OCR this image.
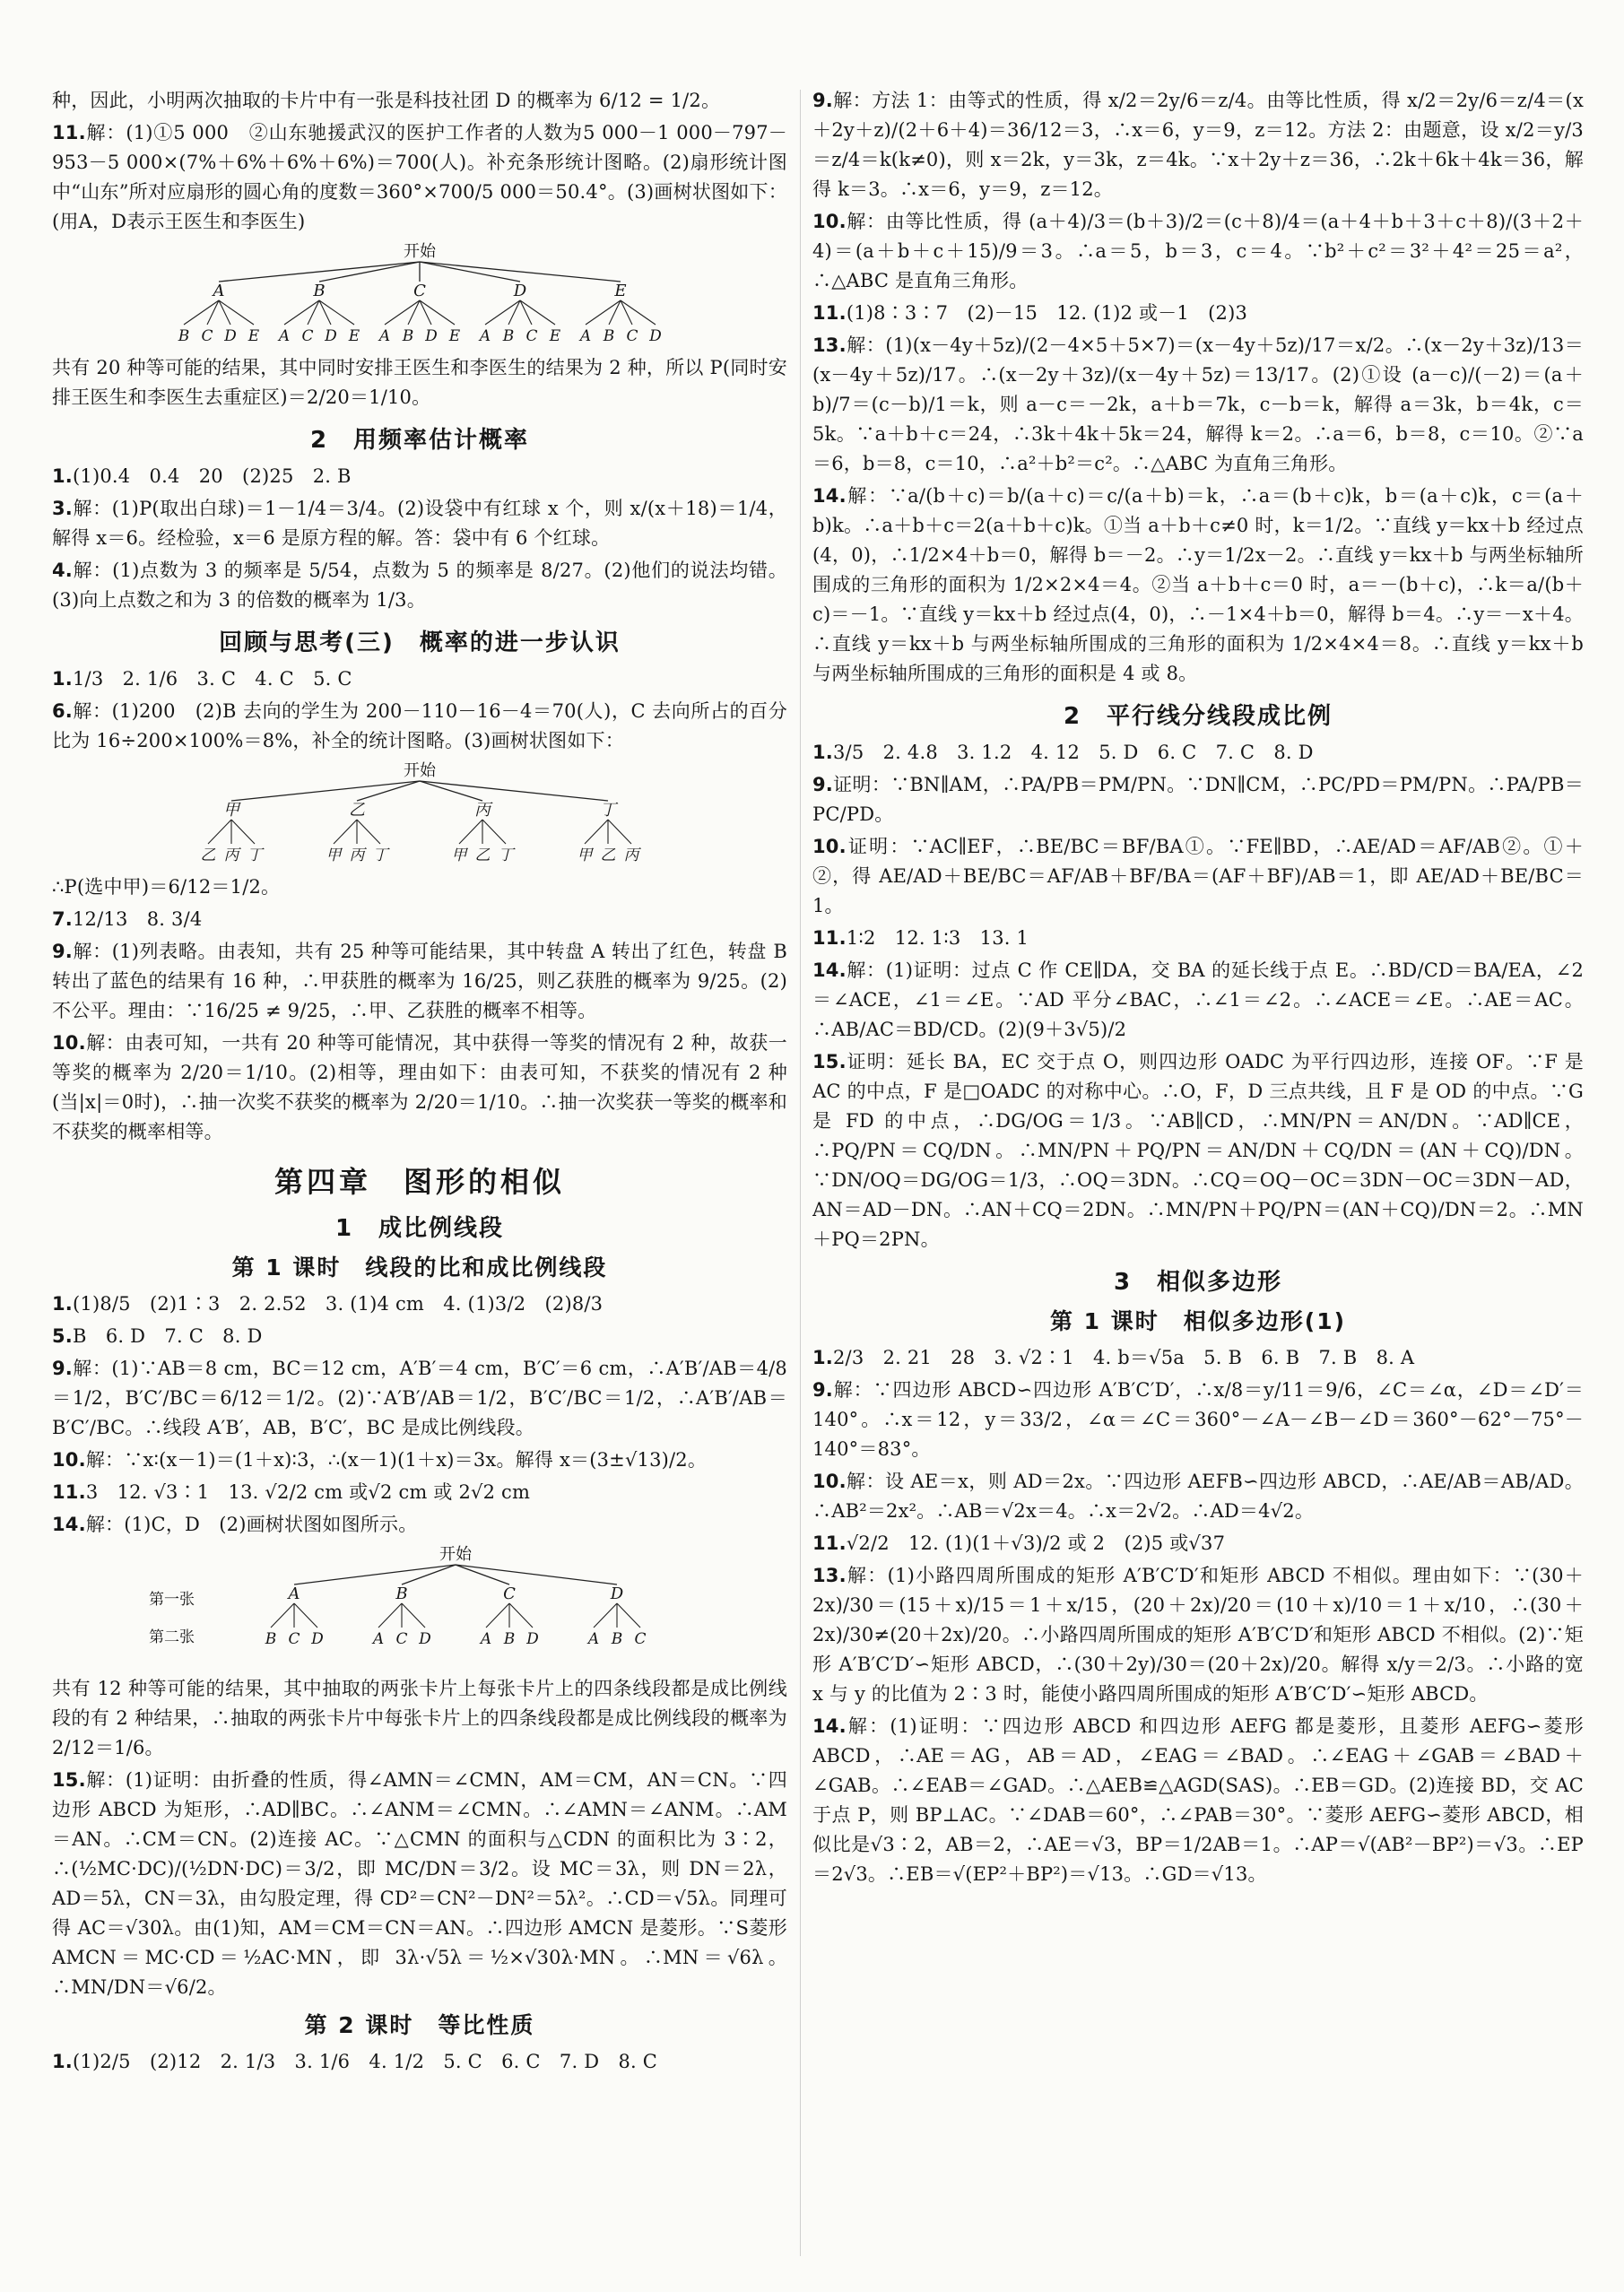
种，因此，小明两次抽取的卡片中有一张是科技社团 D 的概率为 6/12 = 1/2。

11.解：(1)①5 000　②山东驰援武汉的医护工作者的人数为5 000－1 000－797－953－5 000×(7%＋6%＋6%＋6%)＝700(人)。补充条形统计图略。(2)扇形统计图中“山东”所对应扇形的圆心角的度数＝360°×700/5 000＝50.4°。(3)画树状图如下：(用A，D表示王医生和李医生)

开始
A
B C D E
B
A C D E
C
A B D E
D
A B C E
E
A B C D

共有 20 种等可能的结果，其中同时安排王医生和李医生的结果为 2 种，所以 P(同时安排王医生和李医生去重症区)＝2/20＝1/10。

2　用频率估计概率

1.(1)0.4　0.4　20　(2)25　2. B

3.解：(1)P(取出白球)＝1－1/4＝3/4。(2)设袋中有红球 x 个，则 x/(x＋18)＝1/4，解得 x＝6。经检验，x＝6 是原方程的解。答：袋中有 6 个红球。

4.解：(1)点数为 3 的频率是 5/54，点数为 5 的频率是 8/27。(2)他们的说法均错。(3)向上点数之和为 3 的倍数的概率为 1/3。

回顾与思考(三)　概率的进一步认识

1.1/3　2. 1/6　3. C　4. C　5. C

6.解：(1)200　(2)B 去向的学生为 200－110－16－4＝70(人)，C 去向所占的百分比为 16÷200×100%＝8%，补全的统计图略。(3)画树状图如下：

开始
甲
乙 丙 丁
乙
甲 丙 丁
丙
甲 乙 丁
丁
甲 乙 丙

∴P(选中甲)＝6/12＝1/2。

7.12/13　8. 3/4

9.解：(1)列表略。由表知，共有 25 种等可能结果，其中转盘 A 转出了红色，转盘 B 转出了蓝色的结果有 16 种，∴甲获胜的概率为 16/25，则乙获胜的概率为 9/25。(2)不公平。理由：∵16/25 ≠ 9/25，∴甲、乙获胜的概率不相等。

10.解：由表可知，一共有 20 种等可能情况，其中获得一等奖的情况有 2 种，故获一等奖的概率为 2/20＝1/10。(2)相等，理由如下：由表可知，不获奖的情况有 2 种(当|x|＝0时)，∴抽一次奖不获奖的概率为 2/20＝1/10。∴抽一次奖获一等奖的概率和不获奖的概率相等。

第四章　图形的相似
1　成比例线段
第 1 课时　线段的比和成比例线段

1.(1)8/5　(2)1∶3　2. 2.52　3. (1)4 cm　4. (1)3/2　(2)8/3

5.B　6. D　7. C　8. D

9.解：(1)∵AB＝8 cm，BC＝12 cm，A′B′＝4 cm，B′C′＝6 cm，∴A′B′/AB＝4/8＝1/2，B′C′/BC＝6/12＝1/2。(2)∵A′B′/AB＝1/2，B′C′/BC＝1/2，∴A′B′/AB＝B′C′/BC。∴线段 A′B′，AB，B′C′，BC 是成比例线段。

10.解：∵x∶(x－1)＝(1＋x)∶3，∴(x－1)(1＋x)＝3x。解得 x＝(3±√13)/2。

11.3　12. √3∶1　13. √2/2 cm 或√2 cm 或 2√2 cm

14.解：(1)C，D　(2)画树状图如图所示。

第一张
第二张
开始
A
B C D
B
A C D
C
A B D
D
A B C

共有 12 种等可能的结果，其中抽取的两张卡片上每张卡片上的四条线段都是成比例线段的有 2 种结果，∴抽取的两张卡片中每张卡片上的四条线段都是成比例线段的概率为 2/12＝1/6。

15.解：(1)证明：由折叠的性质，得∠AMN＝∠CMN，AM＝CM，AN＝CN。∵四边形 ABCD 为矩形，∴AD∥BC。∴∠ANM＝∠CMN。∴∠AMN＝∠ANM。∴AM＝AN。∴CM＝CN。(2)连接 AC。∵△CMN 的面积与△CDN 的面积比为 3∶2，∴(½MC·DC)/(½DN·DC)＝3/2，即 MC/DN＝3/2。设 MC＝3λ，则 DN＝2λ，AD＝5λ，CN＝3λ，由勾股定理，得 CD²＝CN²－DN²＝5λ²。∴CD＝√5λ。同理可得 AC＝√30λ。由(1)知，AM＝CM＝CN＝AN。∴四边形 AMCN 是菱形。∵S菱形AMCN＝MC·CD＝½AC·MN，即 3λ·√5λ＝½×√30λ·MN。∴MN＝√6λ。∴MN/DN＝√6/2。

第 2 课时　等比性质

1.(1)2/5　(2)12　2. 1/3　3. 1/6　4. 1/2　5. C　6. C　7. D　8. C

9.解：方法 1：由等式的性质，得 x/2＝2y/6＝z/4。由等比性质，得 x/2＝2y/6＝z/4＝(x＋2y＋z)/(2＋6＋4)＝36/12＝3，∴x＝6，y＝9，z＝12。方法 2：由题意，设 x/2＝y/3＝z/4＝k(k≠0)，则 x＝2k，y＝3k，z＝4k。∵x＋2y＋z＝36，∴2k＋6k＋4k＝36，解得 k＝3。∴x＝6，y＝9，z＝12。

10.解：由等比性质，得 (a＋4)/3＝(b＋3)/2＝(c＋8)/4＝(a＋4＋b＋3＋c＋8)/(3＋2＋4)＝(a＋b＋c＋15)/9＝3。∴a＝5，b＝3，c＝4。∵b²＋c²＝3²＋4²＝25＝a²，∴△ABC 是直角三角形。

11.(1)8∶3∶7　(2)－15　12. (1)2 或－1　(2)3

13.解：(1)(x－4y＋5z)/(2－4×5＋5×7)＝(x－4y＋5z)/17＝x/2。∴(x－2y＋3z)/13＝(x－4y＋5z)/17。∴(x－2y＋3z)/(x－4y＋5z)＝13/17。(2)①设 (a－c)/(－2)＝(a＋b)/7＝(c－b)/1＝k，则 a－c＝－2k，a＋b＝7k，c－b＝k，解得 a＝3k，b＝4k，c＝5k。∵a＋b＋c＝24，∴3k＋4k＋5k＝24，解得 k＝2。∴a＝6，b＝8，c＝10。②∵a＝6，b＝8，c＝10，∴a²＋b²＝c²。∴△ABC 为直角三角形。

14.解：∵a/(b＋c)＝b/(a＋c)＝c/(a＋b)＝k，∴a＝(b＋c)k，b＝(a＋c)k，c＝(a＋b)k。∴a＋b＋c＝2(a＋b＋c)k。①当 a＋b＋c≠0 时，k＝1/2。∵直线 y＝kx＋b 经过点(4，0)，∴1/2×4＋b＝0，解得 b＝－2。∴y＝1/2x－2。∴直线 y＝kx＋b 与两坐标轴所围成的三角形的面积为 1/2×2×4＝4。②当 a＋b＋c＝0 时，a＝－(b＋c)，∴k＝a/(b＋c)＝－1。∵直线 y＝kx＋b 经过点(4，0)，∴－1×4＋b＝0，解得 b＝4。∴y＝－x＋4。∴直线 y＝kx＋b 与两坐标轴所围成的三角形的面积为 1/2×4×4＝8。∴直线 y＝kx＋b 与两坐标轴所围成的三角形的面积是 4 或 8。

2　平行线分线段成比例

1.3/5　2. 4.8　3. 1.2　4. 12　5. D　6. C　7. C　8. D

9.证明：∵BN∥AM，∴PA/PB＝PM/PN。∵DN∥CM，∴PC/PD＝PM/PN。∴PA/PB＝PC/PD。

10.证明：∵AC∥EF，∴BE/BC＝BF/BA①。∵FE∥BD，∴AE/AD＝AF/AB②。①＋②，得 AE/AD＋BE/BC＝AF/AB＋BF/BA＝(AF＋BF)/AB＝1，即 AE/AD＋BE/BC＝1。

11.1∶2　12. 1∶3　13. 1

14.解：(1)证明：过点 C 作 CE∥DA，交 BA 的延长线于点 E。∴BD/CD＝BA/EA，∠2＝∠ACE，∠1＝∠E。∵AD 平分∠BAC，∴∠1＝∠2。∴∠ACE＝∠E。∴AE＝AC。∴AB/AC＝BD/CD。(2)(9＋3√5)/2

15.证明：延长 BA，EC 交于点 O，则四边形 OADC 为平行四边形，连接 OF。∵F 是 AC 的中点，F 是□OADC 的对称中心。∴O，F，D 三点共线，且 F 是 OD 的中点。∵G 是 FD 的中点，∴DG/OG＝1/3。∵AB∥CD，∴MN/PN＝AN/DN。∵AD∥CE，∴PQ/PN＝CQ/DN。∴MN/PN＋PQ/PN＝AN/DN＋CQ/DN＝(AN＋CQ)/DN。∵DN/OQ＝DG/OG＝1/3，∴OQ＝3DN。∴CQ＝OQ－OC＝3DN－OC＝3DN－AD，AN＝AD－DN。∴AN＋CQ＝2DN。∴MN/PN＋PQ/PN＝(AN＋CQ)/DN＝2。∴MN＋PQ＝2PN。

3　相似多边形
第 1 课时　相似多边形(1)

1.2/3　2. 21　28　3. √2∶1　4. b＝√5a　5. B　6. B　7. B　8. A

9.解：∵四边形 ABCD∽四边形 A′B′C′D′，∴x/8＝y/11＝9/6，∠C＝∠α，∠D＝∠D′＝140°。∴x＝12，y＝33/2，∠α＝∠C＝360°－∠A－∠B－∠D＝360°－62°－75°－140°＝83°。

10.解：设 AE＝x，则 AD＝2x。∵四边形 AEFB∽四边形 ABCD，∴AE/AB＝AB/AD。∴AB²＝2x²。∴AB＝√2x＝4。∴x＝2√2。∴AD＝4√2。

11.√2/2　12. (1)(1＋√3)/2 或 2　(2)5 或√37

13.解：(1)小路四周所围成的矩形 A′B′C′D′和矩形 ABCD 不相似。理由如下：∵(30＋2x)/30＝(15＋x)/15＝1＋x/15，(20＋2x)/20＝(10＋x)/10＝1＋x/10，∴(30＋2x)/30≠(20＋2x)/20。∴小路四周所围成的矩形 A′B′C′D′和矩形 ABCD 不相似。(2)∵矩形 A′B′C′D′∽矩形 ABCD，∴(30＋2y)/30＝(20＋2x)/20。解得 x/y＝2/3。∴小路的宽 x 与 y 的比值为 2∶3 时，能使小路四周所围成的矩形 A′B′C′D′∽矩形 ABCD。

14.解：(1)证明：∵四边形 ABCD 和四边形 AEFG 都是菱形，且菱形 AEFG∽菱形 ABCD，∴AE＝AG，AB＝AD，∠EAG＝∠BAD。∴∠EAG＋∠GAB＝∠BAD＋∠GAB。∴∠EAB＝∠GAD。∴△AEB≌△AGD(SAS)。∴EB＝GD。(2)连接 BD，交 AC 于点 P，则 BP⊥AC。∵∠DAB＝60°，∴∠PAB＝30°。∵菱形 AEFG∽菱形 ABCD，相似比是√3∶2，AB＝2，∴AE＝√3，BP＝1/2AB＝1。∴AP＝√(AB²－BP²)＝√3。∴EP＝2√3。∴EB＝√(EP²＋BP²)＝√13。∴GD＝√13。
